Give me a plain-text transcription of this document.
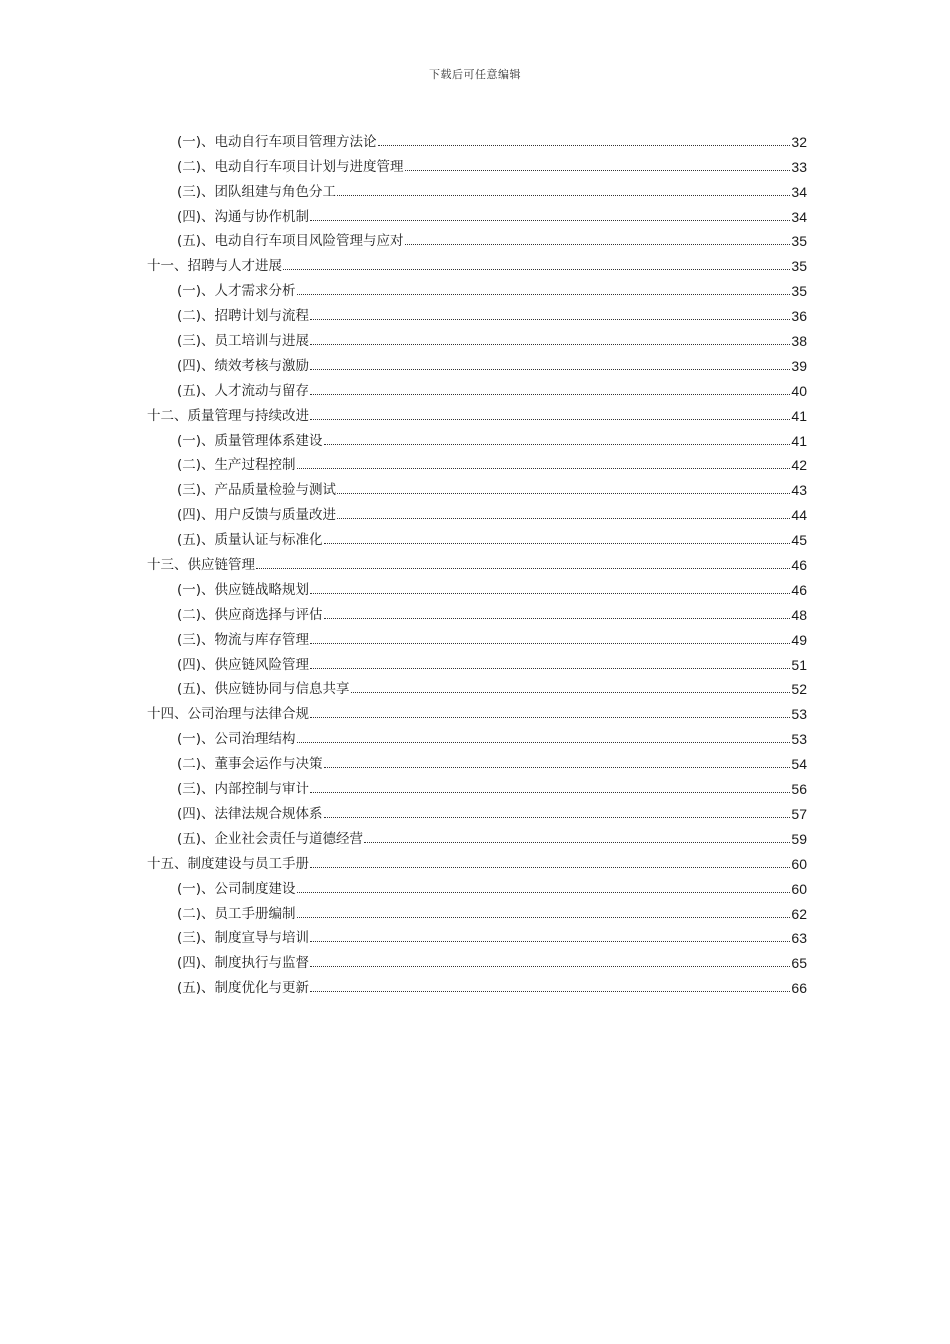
下载后可任意编辑
(一)、电动自行车项目管理方法论	32
(二)、电动自行车项目计划与进度管理	33
(三)、团队组建与角色分工	34
(四)、沟通与协作机制	34
(五)、电动自行车项目风险管理与应对	35
十一、招聘与人才进展	35
(一)、人才需求分析	35
(二)、招聘计划与流程	36
(三)、员工培训与进展	38
(四)、绩效考核与激励	39
(五)、人才流动与留存	40
十二、质量管理与持续改进	41
(一)、质量管理体系建设	41
(二)、生产过程控制	42
(三)、产品质量检验与测试	43
(四)、用户反馈与质量改进	44
(五)、质量认证与标准化	45
十三、供应链管理	46
(一)、供应链战略规划	46
(二)、供应商选择与评估	48
(三)、物流与库存管理	49
(四)、供应链风险管理	51
(五)、供应链协同与信息共享	52
十四、公司治理与法律合规	53
(一)、公司治理结构	53
(二)、董事会运作与决策	54
(三)、内部控制与审计	56
(四)、法律法规合规体系	57
(五)、企业社会责任与道德经营	59
十五、制度建设与员工手册	60
(一)、公司制度建设	60
(二)、员工手册编制	62
(三)、制度宣导与培训	63
(四)、制度执行与监督	65
(五)、制度优化与更新	66
